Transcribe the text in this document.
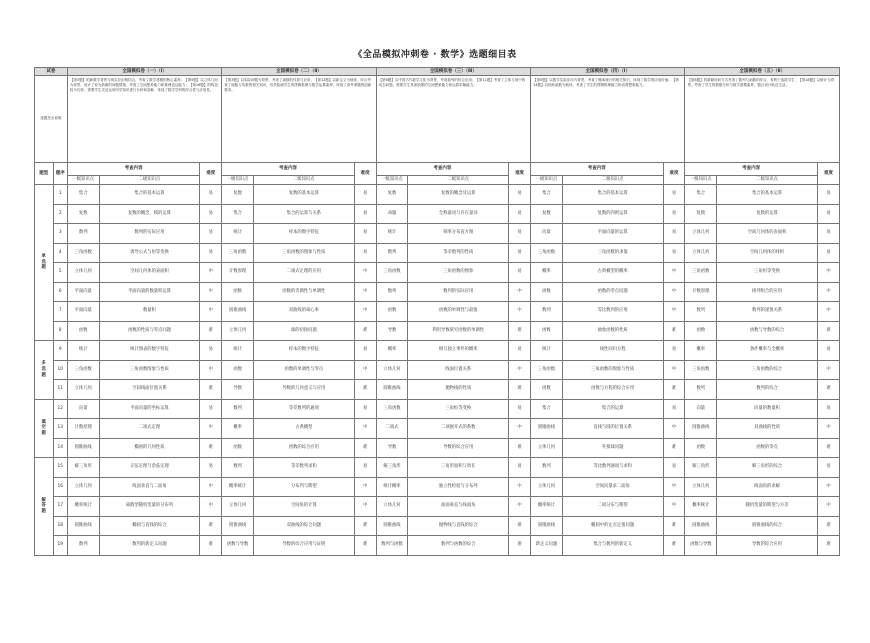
《全品模拟冲刺卷 · 数学》选题细目表
试卷		全国模拟卷（一）（Ⅰ）			全国模拟卷（二）（Ⅱ）			全国模拟卷（三）（Ⅲ）			全国模拟卷（四）（Ⅰ）			全国模拟卷（五）（Ⅱ）		
选题亮点说明		【第3题】的新数学背景与现实应用相结合，考查了数学建模的核心素养；【第5题】以立体几何为背景，设计了较为新颖的问题情境，考查了空间想象能力和推理论证能力；【第16题】的构造较为巧妙，需要学生灵活运用所学知识进行分析和求解，体现了数学学科的综合性与应用性。			【第3题】以实际问题为背景，考查了函数的性质与应用；【第12题】以新定义为载体，综合考查了函数与导数的相关知识，有效检测学生的逻辑推理与数学运算素养，体现了高考命题的创新要求。			【第6题】以中国古代数学文化为背景，考查数列的综合应用；【第11题】考查了立体几何中的动态问题，需要学生具备较强的空间想象能力和运算求解能力。			【第5题】以数学实际应用为背景，考查了概率统计的相关知识，体现了数学的应用价值；【第14题】以抽象函数为载体，考查了学生的逻辑推理能力和直观想象能力。			【第8题】的新颖设问方式考查了数列与函数的综合，有利于选拔学生；【第18题】以统计为背景，考查了学生的数据分析与数学建模素养，题目设计贴近生活。		
题型	题序	考查内容		难度	考查内容		难度	考查内容		难度	考查内容		难度	考查内容		难度
		一级知识点	二级知识点		一级知识点	二级知识点		一级知识点	二级知识点		一级知识点	二级知识点		一级知识点	二级知识点	
单
选
题	1	集合	集合的基本运算	易	复数	复数的基本运算	易	复数	复数的概念及运算	易	集合	集合的基本运算	易	集合	集合的基本运算	易
	2	复数	复数的概念、模的运算	易	集合	集合的运算与关系	易	命题	全称量词与存在量词	易	复数	复数的四则运算	易	复数	复数的运算	易
	3	数列	数列的实际应用	易	统计	样本的数字特征	易	统计	频率分布直方图	易	向量	平面向量的运算	易	立体几何	空间几何体的表面积	易
	4	三角函数	诱导公式与恒等变换	易	三角函数	三角函数的图象与性质	易	数列	等差数列的性质	易	三角函数	三角函数的求值	易	立体几何	空间几何体的体积	易
	5	立体几何	空间几何体的表面积	中	计数原理	二项式定理的应用	中	三角函数	三角函数的图象	易	概率	古典概型的概率	中	三角函数	三角恒等变换	中
	6	平面向量	平面向量的数量积运算	中	函数	函数的奇偶性与单调性	中	数列	数列的实际应用	中	函数	函数的零点问题	中	计数原理	排列组合的应用	中
	7	平面向量	数量积	中	圆锥曲线	双曲线的离心率	中	函数	函数的单调性与最值	中	数列	等比数列的应用	中	数列	数列的递推关系	中
	8	函数	函数的性质与零点问题	难	立体几何	球的切接问题	难	导数	利用导数研究函数的单调性	难	函数	抽象函数的性质	难	函数	函数与导数的综合	难
多
选
题	9	统计	统计图表的数字特征	易	统计	样本的数字特征	易	概率	相互独立事件的概率	易	统计	线性回归方程	易	概率	条件概率与全概率	易
	10	三角函数	三角函数图象与性质	中	函数	函数的单调性与零点	中	立体几何	线面位置关系	中	三角函数	三角函数的图象与性质	中	三角函数	三角函数的综合	中
	11	立体几何	空间线面位置关系	难	导数	导数的几何意义与应用	难	圆锥曲线	抛物线的性质	难	函数	函数与方程的综合应用	难	数列	数列的综合	难
填
空
题	12	向量	平面向量的坐标运算	易	数列	等差数列的通项	易	三角函数	三角恒等变换	易	集合	集合的运算	易	向量	向量的数量积	易
	13	计数原理	二项式定理	中	概率	古典概型	中	二项式	二项展开式的系数	中	圆锥曲线	直线与圆的位置关系	中	圆锥曲线	双曲线的性质	中
	14	圆锥曲线	椭圆的几何性质	难	函数	函数的综合应用	难	导数	导数的综合应用	难	立体几何	外接球问题	难	函数	函数的零点	难
解
答
题	15	解三角形	正弦定理与余弦定理	易	数列	等差数列求和	易	解三角形	三角形面积与周长	易	数列	等比数列通项与求和	易	解三角形	解三角形的综合	易
	16	立体几何	线面垂直与二面角	中	概率统计	分布列与期望	中	统计概率	独立性检验与分布列	中	立体几何	空间向量求二面角	中	立体几何	线面角的求解	中
	17	概率统计	离散型随机变量的分布列	中	立体几何	空间角的计算	中	立体几何	面面垂直与线面角	中	概率统计	二项分布与期望	中	概率统计	随机变量的期望与方差	中
	18	圆锥曲线	椭圆与直线的综合	难	圆锥曲线	双曲线的综合问题	难	圆锥曲线	抛物线与直线的综合	难	圆锥曲线	椭圆中的定点定值问题	难	圆锥曲线	圆锥曲线的综合	难
	19	数列	数列的新定义问题	难	函数与导数	导数的综合应用与证明	难	数列与函数	数列与函数的综合	难	新定义问题	集合与数列的新定义	难	函数与导数	导数的综合应用	难
